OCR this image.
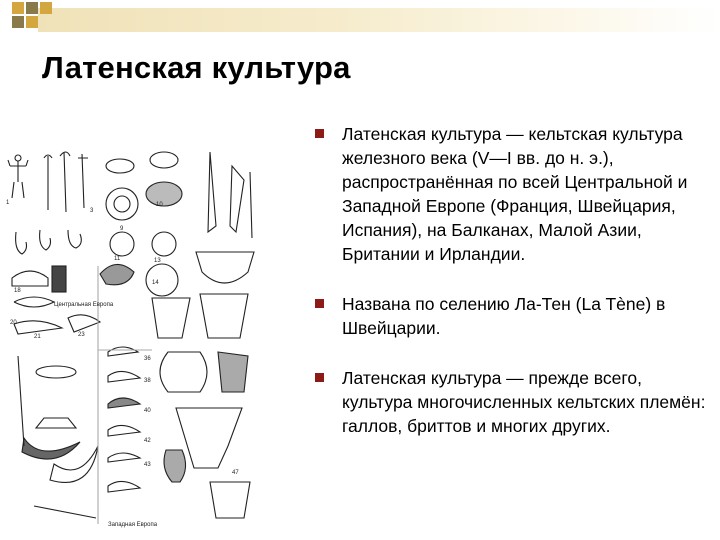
Латенская культура
1
3
9
10
11	13
14
18
20
21	23
36
38
40
42
43
47
Центральная Европа
Западная Европа
Латенская культура — кельтская культура железного века (V—I вв. до н. э.), распространённая по всей Центральной и Западной Европе (Франция, Швейцария, Испания), на Балканах, Малой Азии, Британии и Ирландии.
Названа по селению Ла-Тен (La Tène) в Швейцарии.
Латенская культура — прежде всего, культура многочисленных кельтских племён: галлов, бриттов и многих других.
